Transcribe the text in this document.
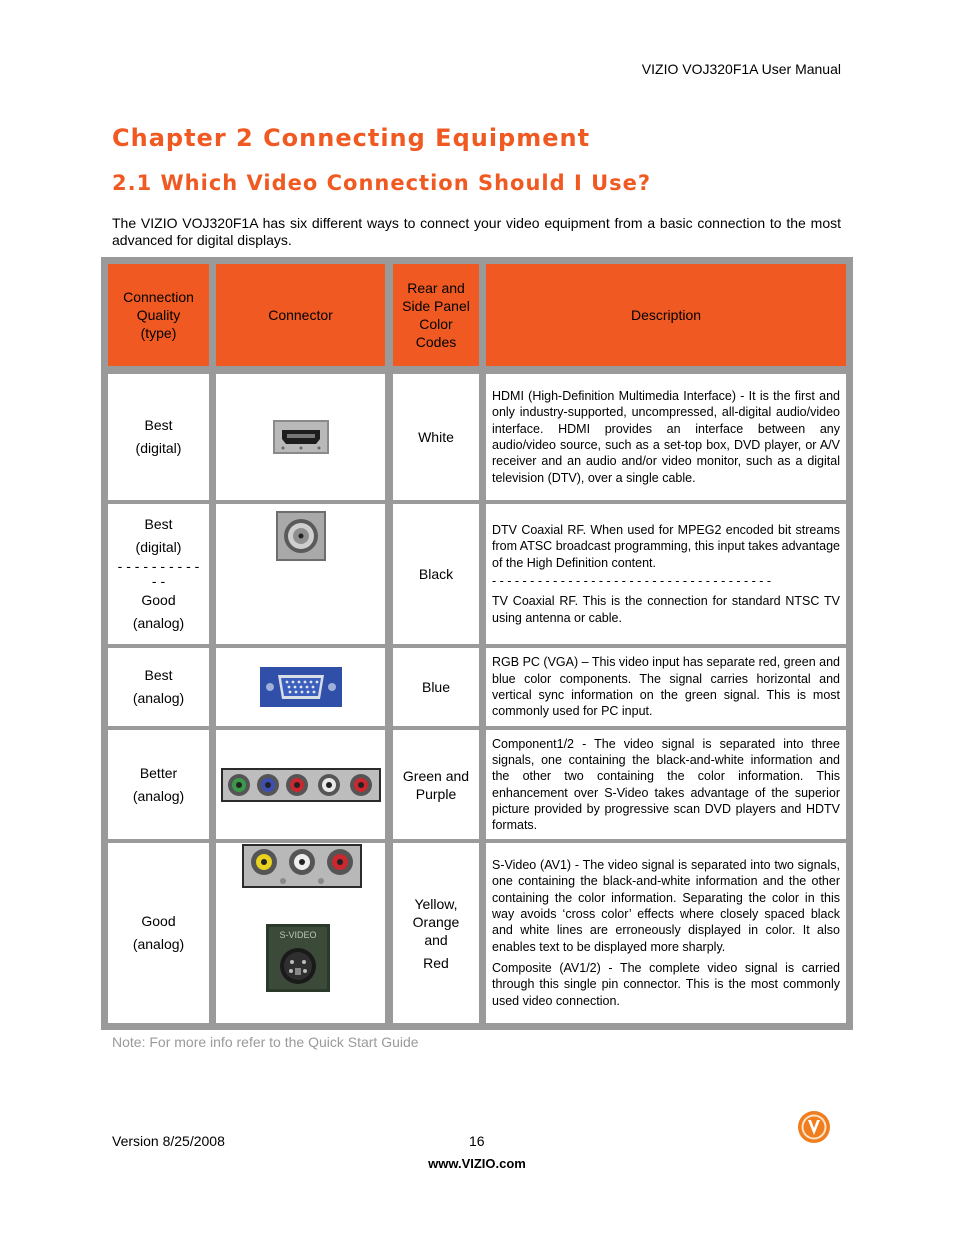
VIZIO VOJ320F1A User Manual
Chapter 2 Connecting Equipment
2.1 Which Video Connection Should I Use?
The VIZIO VOJ320F1A has six different ways to connect your video equipment from a basic connection to the most advanced for digital displays.
Connection Quality (type)
Connector
Rear and Side Panel Color Codes
Description

Best

(digital)

White

HDMI (High-Definition Multimedia Interface) - It is the first and only industry-supported, uncompressed, all-digital audio/video interface. HDMI provides an interface between any audio/video source, such as a set-top box, DVD player, or A/V receiver and an audio and/or video monitor, such as a digital television (DTV), over a single cable.

Best

(digital)

- - - - - - - - - -

- -

Good

(analog)

Black

DTV Coaxial RF. When used for MPEG2 encoded bit streams from ATSC broadcast programming, this input takes advantage of the High Definition content.

- - - - - - - - - - - - - - - - - - - - - - - - - - - - - - - - - - - - -

TV Coaxial RF. This is the connection for standard NTSC TV using antenna or cable.

Best

(analog)

Blue

RGB PC (VGA) – This video input has separate red, green and blue color components. The signal carries horizontal and vertical sync information on the green signal. This is most commonly used for PC input.

Better

(analog)

Green and Purple

Component1/2 - The video signal is separated into three signals, one containing the black-and-white information and the other two containing the color information. This enhancement over S-Video takes advantage of the superior picture provided by progressive scan DVD players and HDTV formats.

Good

(analog)

S-VIDEO
Yellow, Orange and
Red

S-Video (AV1) - The video signal is separated into two signals, one containing the black-and-white information and the other containing the color information. Separating the color in this way avoids ‘cross color’ effects where closely spaced black and white lines are erroneously displayed in color. It also enables text to be displayed more sharply.

Composite (AV1/2) - The complete video signal is carried through this single pin connector. This is the most commonly used video connection.

Note: For more info refer to the Quick Start Guide
Version 8/25/2008	16
www.VIZIO.com
